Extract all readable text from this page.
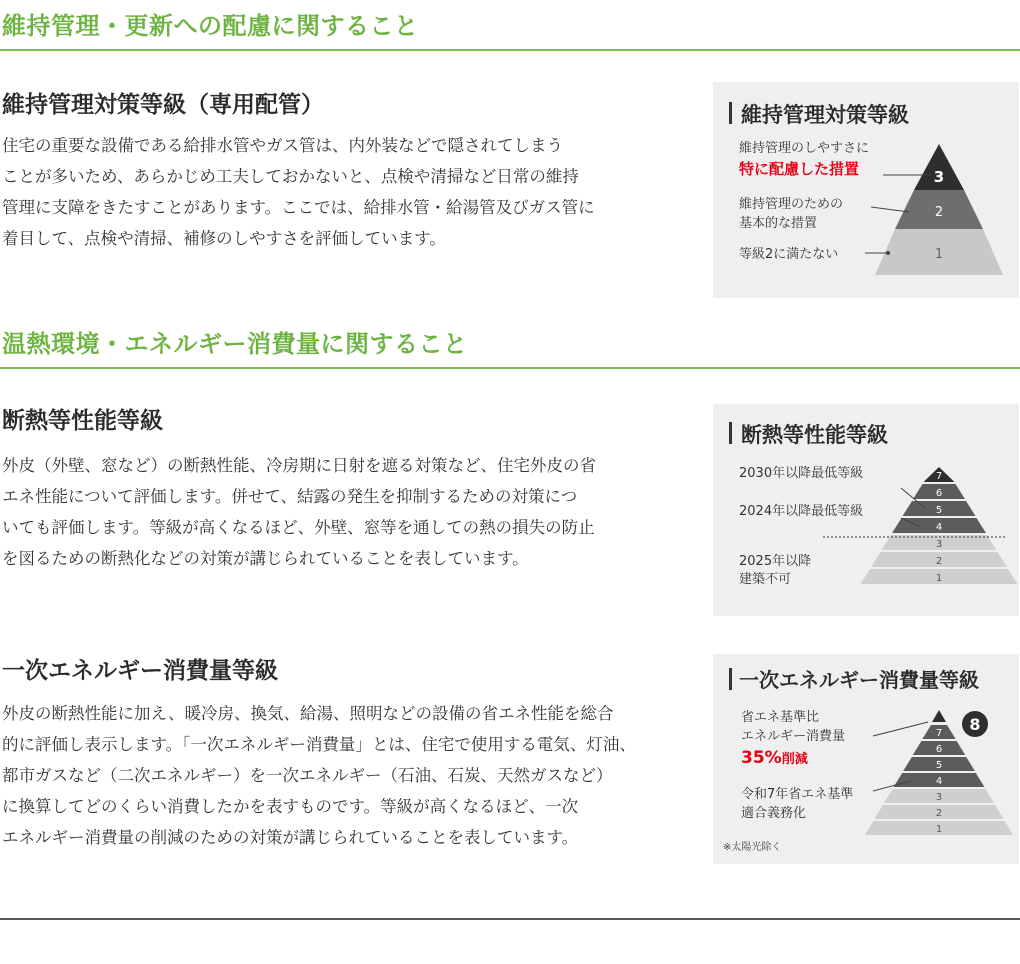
維持管理・更新への配慮に関すること
維持管理対策等級（専用配管）
住宅の重要な設備である給排水管やガス管は、内外装などで隠されてしまう
ことが多いため、あらかじめ工夫しておかないと、点検や清掃など日常の維持
管理に支障をきたすことがあります。ここでは、給排水管・給湯管及びガス管に
着目して、点検や清掃、補修のしやすさを評価しています。
維持管理対策等級
3
2
1
維持管理のしやすさに
特に配慮した措置
維持管理のための
基本的な措置
等級2に満たない
温熱環境・エネルギー消費量に関すること
断熱等性能等級
外皮（外壁、窓など）の断熱性能、冷房期に日射を遮る対策など、住宅外皮の省
エネ性能について評価します。併せて、結露の発生を抑制するための対策につ
いても評価します。等級が高くなるほど、外壁、窓等を通しての熱の損失の防止
を図るための断熱化などの対策が講じられていることを表しています。
断熱等性能等級
7
6
5
4
3
2
1
2030年以降最低等級
2024年以降最低等級
2025年以降
建築不可
一次エネルギー消費量等級
外皮の断熱性能に加え、暖冷房、換気、給湯、照明などの設備の省エネ性能を総合
的に評価し表示します。「一次エネルギー消費量」とは、住宅で使用する電気、灯油、
都市ガスなど（二次エネルギー）を一次エネルギー（石油、石炭、天然ガスなど）
に換算してどのくらい消費したかを表すものです。等級が高くなるほど、一次
エネルギー消費量の削減のための対策が講じられていることを表しています。
一次エネルギー消費量等級
7
6
5
4
3
2
1
8
省エネ基準比
エネルギー消費量
35%削減
令和7年省エネ基準
適合義務化
※太陽光除く
